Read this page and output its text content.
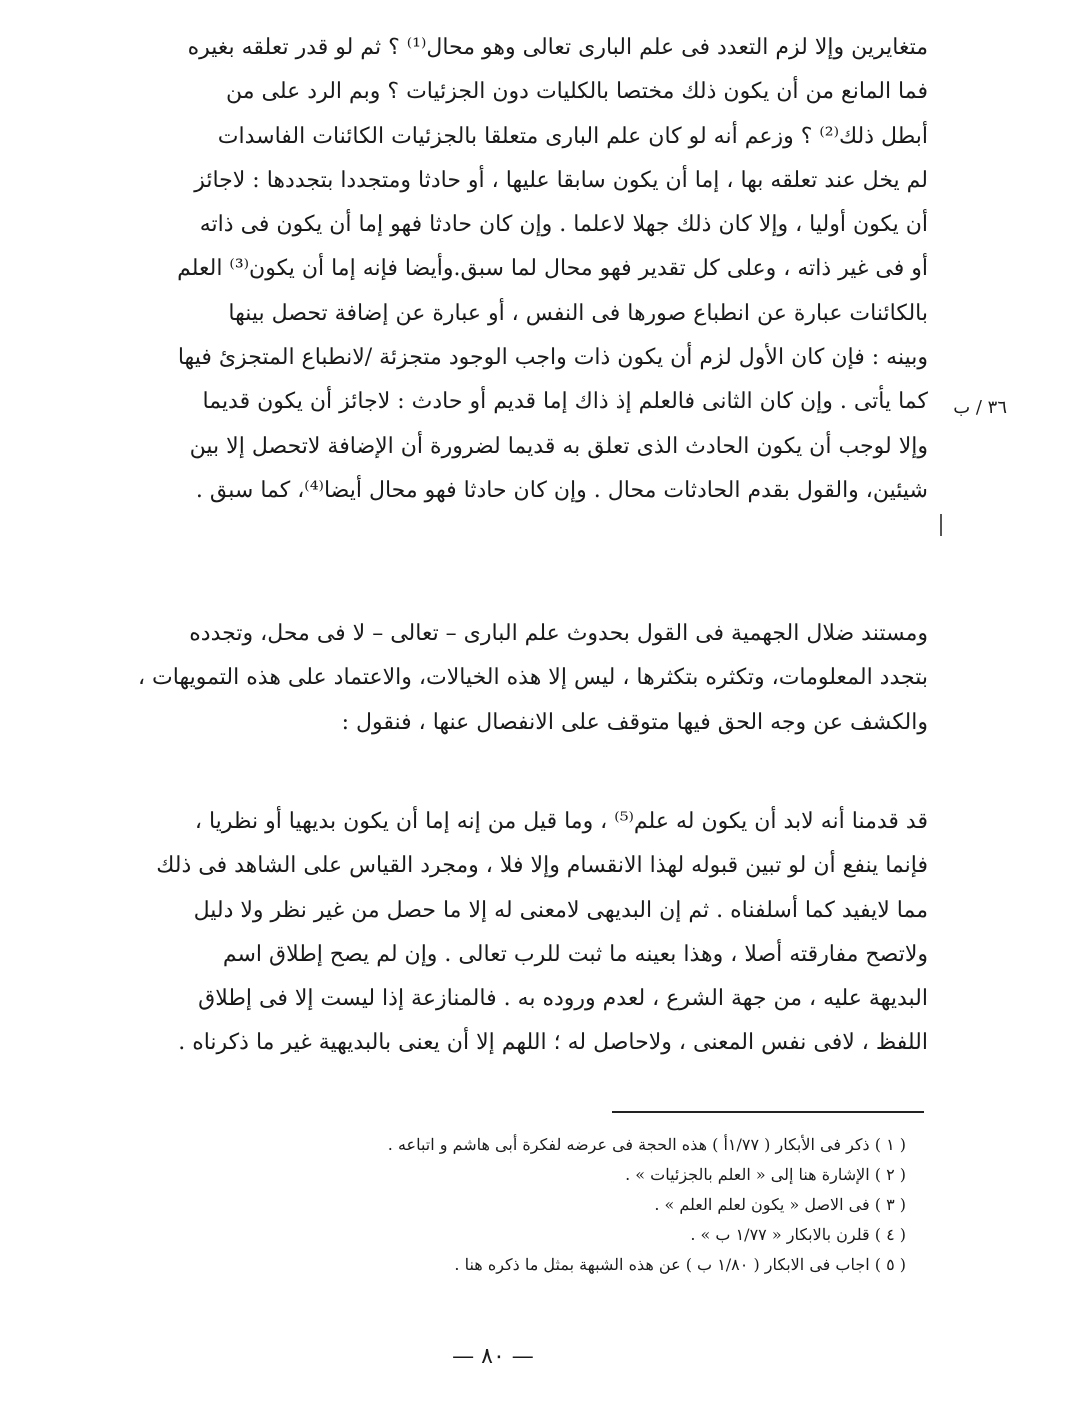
متغايرين وإلا لزم التعدد فى علم البارى تعالى وهو محال⁽¹⁾ ؟ ثم لو قدر تعلقه بغيره
فما المانع من أن يكون ذلك مختصا بالكليات دون الجزئيات ؟ وبم الرد على من
أبطل ذلك⁽²⁾ ؟ وزعم أنه لو كان علم البارى متعلقا بالجزئيات الكائنات الفاسدات
لم يخل عند تعلقه بها ، إما أن يكون سابقا عليها ، أو حادثا ومتجددا بتجددها : لاجائز
أن يكون أوليا ، وإلا كان ذلك جهلا لاعلما . وإن كان حادثا فهو إما أن يكون فى ذاته
أو فى غير ذاته ، وعلى كل تقدير فهو محال لما سبق.وأيضا فإنه إما أن يكون⁽³⁾ العلم
بالكائنات عبارة عن انطباع صورها فى النفس ، أو عبارة عن إضافة تحصل بينها
وبينه : فإن كان الأول لزم أن يكون ذات واجب الوجود متجزئة /لانطباع المتجزئ فيها
كما يأتى . وإن كان الثانى فالعلم إذ ذاك إما قديم أو حادث : لاجائز أن يكون قديما
وإلا لوجب أن يكون الحادث الذى تعلق به قديما لضرورة أن الإضافة لاتحصل إلا بين
شيئين، والقول بقدم الحادثات محال . وإن كان حادثا فهو محال أيضا⁽⁴⁾، كما سبق .
٣٦ / ب
ومستند ضلال الجهمية فى القول بحدوث علم البارى – تعالى – لا فى محل، وتجدده
بتجدد المعلومات، وتكثره بتكثرها ، ليس إلا هذه الخيالات، والاعتماد على هذه التمويهات ،
والكشف عن وجه الحق فيها متوقف على الانفصال عنها ، فنقول :
قد قدمنا أنه لابد أن يكون له علم⁽⁵⁾ ، وما قيل من إنه إما أن يكون بديهيا أو نظريا ،
فإنما ينفع أن لو تبين قبوله لهذا الانقسام وإلا فلا ، ومجرد القياس على الشاهد فى ذلك
مما لايفيد كما أسلفناه . ثم إن البديهى لامعنى له إلا ما حصل من غير نظر ولا دليل
ولاتصح مفارقته أصلا ، وهذا بعينه ما ثبت للرب تعالى . وإن لم يصح إطلاق اسم
البديهة عليه ، من جهة الشرع ، لعدم وروده به . فالمنازعة إذا ليست إلا فى إطلاق
اللفظ ، لافى نفس المعنى ، ولاحاصل له ؛ اللهم إلا أن يعنى بالبديهية غير ما ذكرناه .
( ١ ) ذكر فى الأبكار ( ١/٧٧أ ) هذه الحجة فى عرضه لفكرة أبى هاشم و اتباعه .
( ٢ ) الإشارة هنا إلى « العلم بالجزئيات » .
( ٣ ) فى الاصل « يكون لعلم العلم » .
( ٤ ) قلرن بالابكار « ١/٧٧ ب » .
( ٥ ) اجاب فى الابكار ( ١/٨٠ ب ) عن هذه الشبهة بمثل ما ذكره هنا .
— ٨٠ —
